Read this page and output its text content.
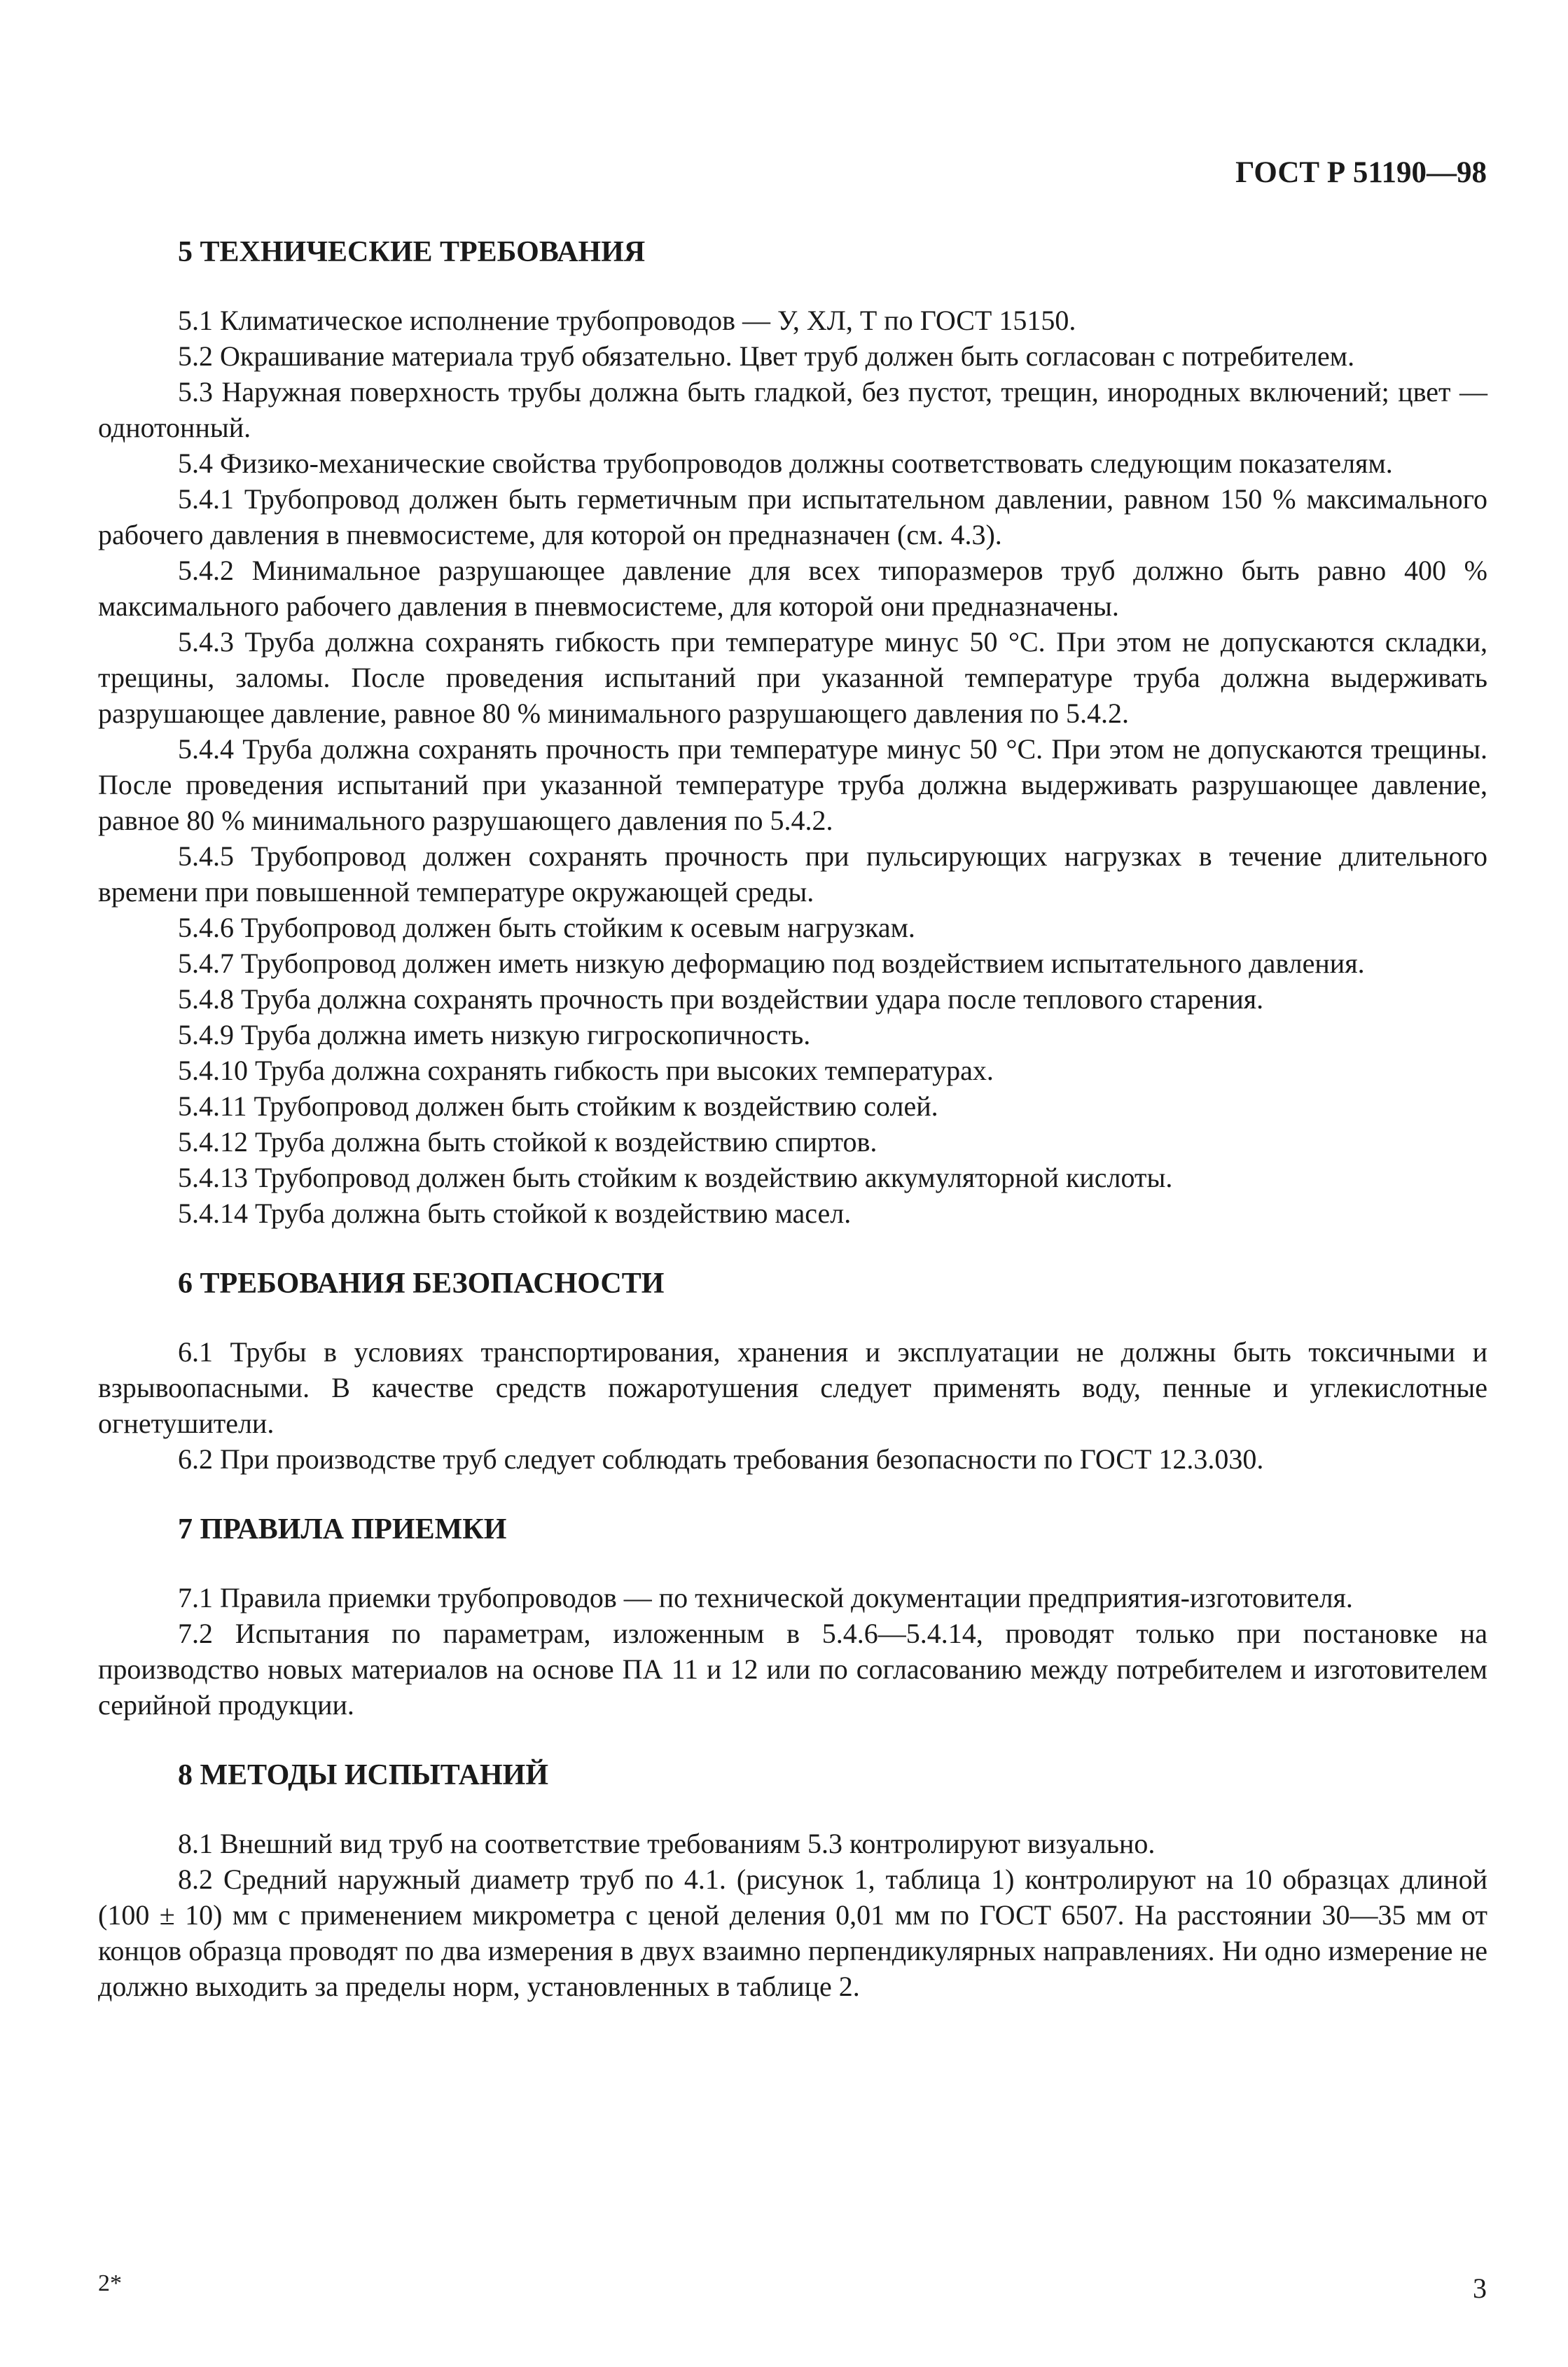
ГОСТ Р 51190—98
5 ТЕХНИЧЕСКИЕ ТРЕБОВАНИЯ

5.1 Климатическое исполнение трубопроводов — У, ХЛ, Т по ГОСТ 15150.

5.2 Окрашивание материала труб обязательно. Цвет труб должен быть согласован с потребителем.

5.3 Наружная поверхность трубы должна быть гладкой, без пустот, трещин, инородных включений; цвет — однотонный.

5.4 Физико-механические свойства трубопроводов должны соответствовать следующим показателям.

5.4.1 Трубопровод должен быть герметичным при испытательном давлении, равном 150 % максимального рабочего давления в пневмосистеме, для которой он предназначен (см. 4.3).

5.4.2 Минимальное разрушающее давление для всех типоразмеров труб должно быть равно 400 % максимального рабочего давления в пневмосистеме, для которой они предназначены.

5.4.3 Труба должна сохранять гибкость при температуре минус 50 °С. При этом не допускаются складки, трещины, заломы. После проведения испытаний при указанной температуре труба должна выдерживать разрушающее давление, равное 80 % минимального разрушающего давления по 5.4.2.

5.4.4 Труба должна сохранять прочность при температуре минус 50 °С. При этом не допускаются трещины. После проведения испытаний при указанной температуре труба должна выдерживать разрушающее давление, равное 80 % минимального разрушающего давления по 5.4.2.

5.4.5 Трубопровод должен сохранять прочность при пульсирующих нагрузках в течение длительного времени при повышенной температуре окружающей среды.

5.4.6 Трубопровод должен быть стойким к осевым нагрузкам.

5.4.7 Трубопровод должен иметь низкую деформацию под воздействием испытательного давления.

5.4.8 Труба должна сохранять прочность при воздействии удара после теплового старения.

5.4.9 Труба должна иметь низкую гигроскопичность.

5.4.10 Труба должна сохранять гибкость при высоких температурах.

5.4.11 Трубопровод должен быть стойким к воздействию солей.

5.4.12 Труба должна быть стойкой к воздействию спиртов.

5.4.13 Трубопровод должен быть стойким к воздействию аккумуляторной кислоты.

5.4.14 Труба должна быть стойкой к воздействию масел.

6 ТРЕБОВАНИЯ БЕЗОПАСНОСТИ

6.1 Трубы в условиях транспортирования, хранения и эксплуатации не должны быть токсичными и взрывоопасными. В качестве средств пожаротушения следует применять воду, пенные и углекислотные огнетушители.

6.2 При производстве труб следует соблюдать требования безопасности по ГОСТ 12.3.030.

7 ПРАВИЛА ПРИЕМКИ

7.1 Правила приемки трубопроводов — по технической документации предприятия-изготовителя.

7.2 Испытания по параметрам, изложенным в 5.4.6—5.4.14, проводят только при постановке на производство новых материалов на основе ПА 11 и 12 или по согласованию между потребителем и изготовителем серийной продукции.

8 МЕТОДЫ ИСПЫТАНИЙ

8.1 Внешний вид труб на соответствие требованиям 5.3 контролируют визуально.

8.2 Средний наружный диаметр труб по 4.1. (рисунок 1, таблица 1) контролируют на 10 образцах длиной (100 ± 10) мм с применением микрометра с ценой деления 0,01 мм по ГОСТ 6507. На расстоянии 30—35 мм от концов образца проводят по два измерения в двух взаимно перпендикулярных направлениях. Ни одно измерение не должно выходить за пределы норм, установленных в таблице 2.

2*	3
